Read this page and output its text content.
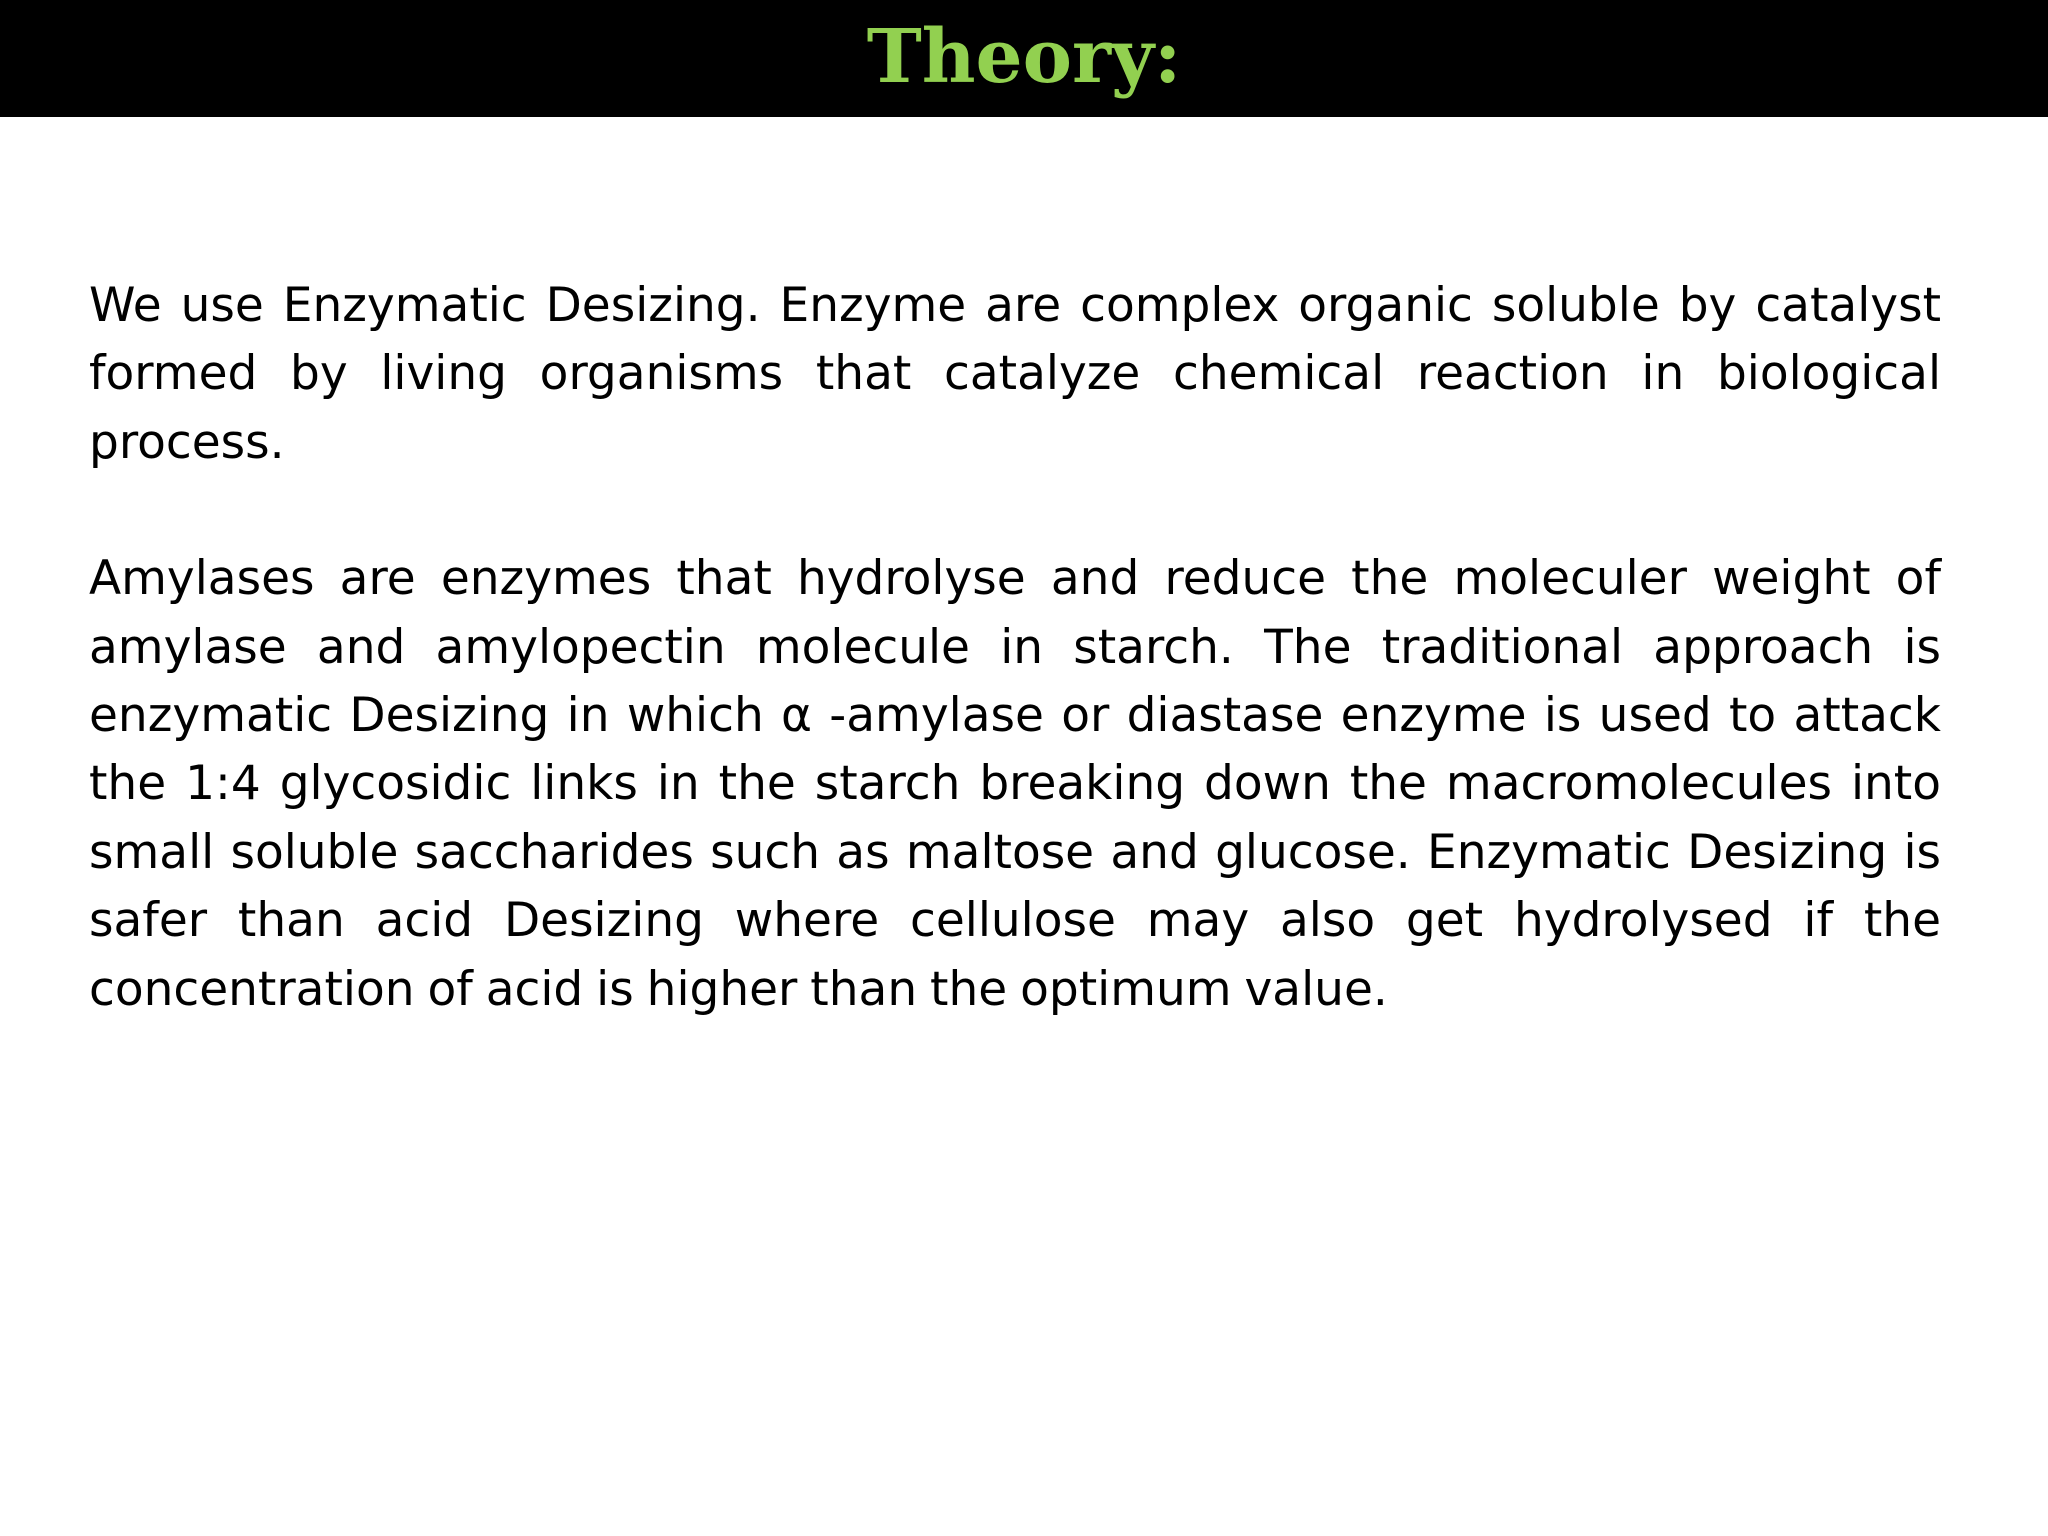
Theory:

We use Enzymatic Desizing. Enzyme are complex organic soluble by catalyst formed by living organisms that catalyze chemical reaction in biological process.

Amylases are enzymes that hydrolyse and reduce the moleculer weight of amylase and amylopectin molecule in starch. The traditional approach is enzymatic Desizing in which α -amylase or diastase enzyme is used to attack the 1:4 glycosidic links in the starch breaking down the macromolecules into small soluble saccharides such as maltose and glucose. Enzymatic Desizing is safer than acid Desizing where cellulose may also get hydrolysed if the concentration of acid is higher than the optimum value.
